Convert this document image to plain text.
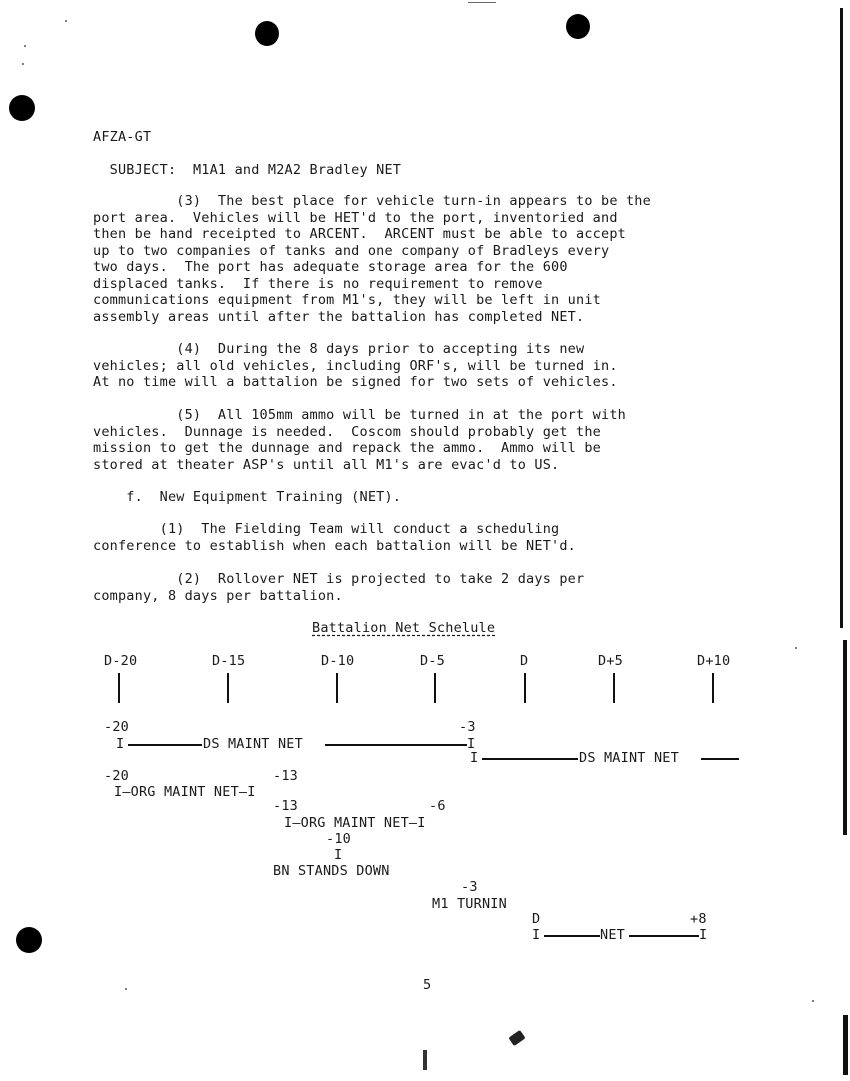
AFZA-GT

SUBJECT: M1A1 and M2A2 Bradley NET

(3)  The best place for vehicle turn-in appears to be the
port area.  Vehicles will be HET'd to the port, inventoried and
then be hand receipted to ARCENT.  ARCENT must be able to accept
up to two companies of tanks and one company of Bradleys every
two days.  The port has adequate storage area for the 600
displaced tanks.  If there is no requirement to remove
communications equipment from M1's, they will be left in unit
assembly areas until after the battalion has completed NET.
(4)  During the 8 days prior to accepting its new
vehicles; all old vehicles, including ORF's, will be turned in.
At no time will a battalion be signed for two sets of vehicles.
(5)  All 105mm ammo will be turned in at the port with
vehicles.  Dunnage is needed.  Coscom should probably get the
mission to get the dunnage and repack the ammo.  Ammo will be
stored at theater ASP's until all M1's are evac'd to US.
f.  New Equipment Training (NET).
(1)  The Fielding Team will conduct a scheduling
conference to establish when each battalion will be NET'd.
(2)  Rollover NET is projected to take 2 days per
company, 8 days per battalion.
Battalion Net Schelule
D-20	D-15	D-10	D-5	D	D+5	D+10
-20	-3
I	DS MAINT NET	I
I	DS MAINT NET
-20	-13
I—ORG MAINT NET—I
-13	-6
I—ORG MAINT NET—I
-10
I
BN STANDS DOWN
-3
M1 TURNIN
D	+8
I	NET	I
5
